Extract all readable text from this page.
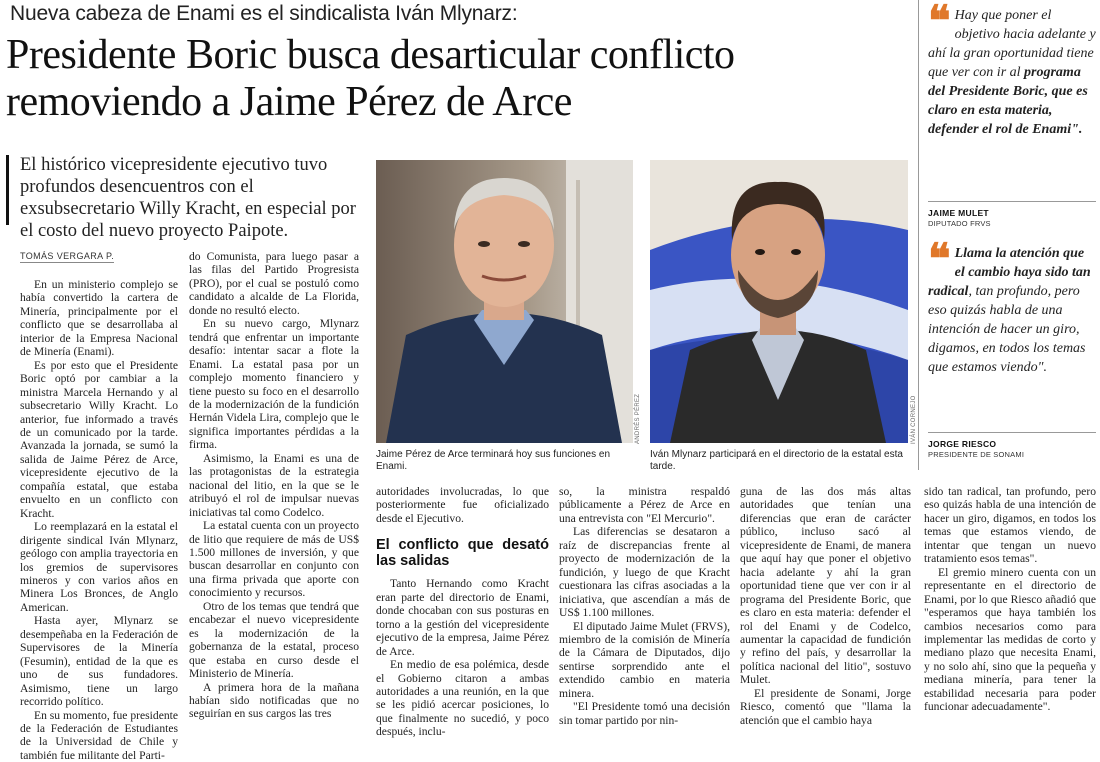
Nueva cabeza de Enami es el sindicalista Iván Mlynarz:
Presidente Boric busca desarticular conflicto
removiendo a Jaime Pérez de Arce
El histórico vicepresidente ejecutivo tuvo profundos desencuentros con el exsubsecretario Willy Kracht, en especial por el costo del nuevo proyecto Paipote.
TOMÁS VERGARA P.

En un ministerio complejo se había convertido la cartera de Minería, principalmente por el conflicto que se desarrollaba al interior de la Empresa Nacional de Minería (Enami).

Es por esto que el Presidente Boric optó por cambiar a la ministra Marcela Hernando y al subsecretario Willy Kracht. Lo anterior, fue informado a través de un comunicado por la tarde. Avanzada la jornada, se sumó la salida de Jaime Pérez de Arce, vicepresidente ejecutivo de la compañía estatal, que estaba envuelto en un conflicto con Kracht.

Lo reemplazará en la estatal el dirigente sindical Iván Mlynarz, geólogo con amplia trayectoria en los gremios de supervisores mineros y con varios años en Minera Los Bronces, de Anglo American.

Hasta ayer, Mlynarz se desempeñaba en la Federación de Supervisores de la Minería (Fesumin), entidad de la que es uno de sus fundadores. Asimismo, tiene un largo recorrido político.

En su momento, fue presidente de la Federación de Estudiantes de la Universidad de Chile y también fue militante del Parti-

do Comunista, para luego pasar a las filas del Partido Progresista (PRO), por el cual se postuló como candidato a alcalde de La Florida, donde no resultó electo.

En su nuevo cargo, Mlynarz tendrá que enfrentar un importante desafío: intentar sacar a flote la Enami. La estatal pasa por un complejo momento financiero y tiene puesto su foco en el desarrollo de la modernización de la fundición Hernán Videla Lira, complejo que le significa importantes pérdidas a la firma.

Asimismo, la Enami es una de las protagonistas de la estrategia nacional del litio, en la que se le atribuyó el rol de impulsar nuevas iniciativas tal como Codelco.

La estatal cuenta con un proyecto de litio que requiere de más de US$ 1.500 millones de inversión, y que buscan desarrollar en conjunto con una firma privada que aporte con conocimiento y recursos.

Otro de los temas que tendrá que encabezar el nuevo vicepresidente es la modernización de la gobernanza de la estatal, proceso que estaba en curso desde el Ministerio de Minería.

A primera hora de la mañana habían sido notificadas que no seguirían en sus cargos las tres

ANDRÉS PÉREZ
Jaime Pérez de Arce terminará hoy sus funciones en Enami.
IVÁN CORNEJO
Iván Mlynarz participará en el directorio de la estatal esta tarde.

autoridades involucradas, lo que posteriormente fue oficializado desde el Ejecutivo.

El conflicto que desató las salidas

Tanto Hernando como Kracht eran parte del directorio de Enami, donde chocaban con sus posturas en torno a la gestión del vicepresidente ejecutivo de la empresa, Jaime Pérez de Arce.

En medio de esa polémica, desde el Gobierno citaron a ambas autoridades a una reunión, en la que se les pidió acercar posiciones, lo que finalmente no sucedió, y poco después, inclu-

so, la ministra respaldó públicamente a Pérez de Arce en una entrevista con "El Mercurio".

Las diferencias se desataron a raíz de discrepancias frente al proyecto de modernización de la fundición, y luego de que Kracht cuestionara las cifras asociadas a la iniciativa, que ascendían a más de US$ 1.100 millones.

El diputado Jaime Mulet (FRVS), miembro de la comisión de Minería de la Cámara de Diputados, dijo sentirse sorprendido ante el extendido cambio en materia minera.

"El Presidente tomó una decisión sin tomar partido por nin-

guna de las dos más altas autoridades que tenían una diferencias que eran de carácter público, incluso sacó al vicepresidente de Enami, de manera que aquí hay que poner el objetivo hacia adelante y ahí la gran oportunidad tiene que ver con ir al programa del Presidente Boric, que es claro en esta materia: defender el rol del Enami y de Codelco, aumentar la capacidad de fundición y refino del país, y desarrollar la política nacional del litio", sostuvo Mulet.

El presidente de Sonami, Jorge Riesco, comentó que "llama la atención que el cambio haya

sido tan radical, tan profundo, pero eso quizás habla de una intención de hacer un giro, digamos, en todos los temas que estamos viendo, de intentar que tengan un nuevo tratamiento esos temas".

El gremio minero cuenta con un representante en el directorio de Enami, por lo que Riesco añadió que "esperamos que haya también los cambios necesarios como para implementar las medidas de corto y mediano plazo que necesita Enami, y no solo ahí, sino que la pequeña y mediana minería, para tener la estabilidad necesaria para poder funcionar adecuadamente".

❝ Hay que poner el objetivo hacia adelante y ahí la gran oportunidad tiene que ver con ir al programa del Presidente Boric, que es claro en esta materia, defender el rol de Enami".
JAIME MULET
DIPUTADO FRVS
❝ Llama la atención que el cambio haya sido tan radical, tan profundo, pero eso quizás habla de una intención de hacer un giro, digamos, en todos los temas que estamos viendo".
JORGE RIESCO
PRESIDENTE DE SONAMI
